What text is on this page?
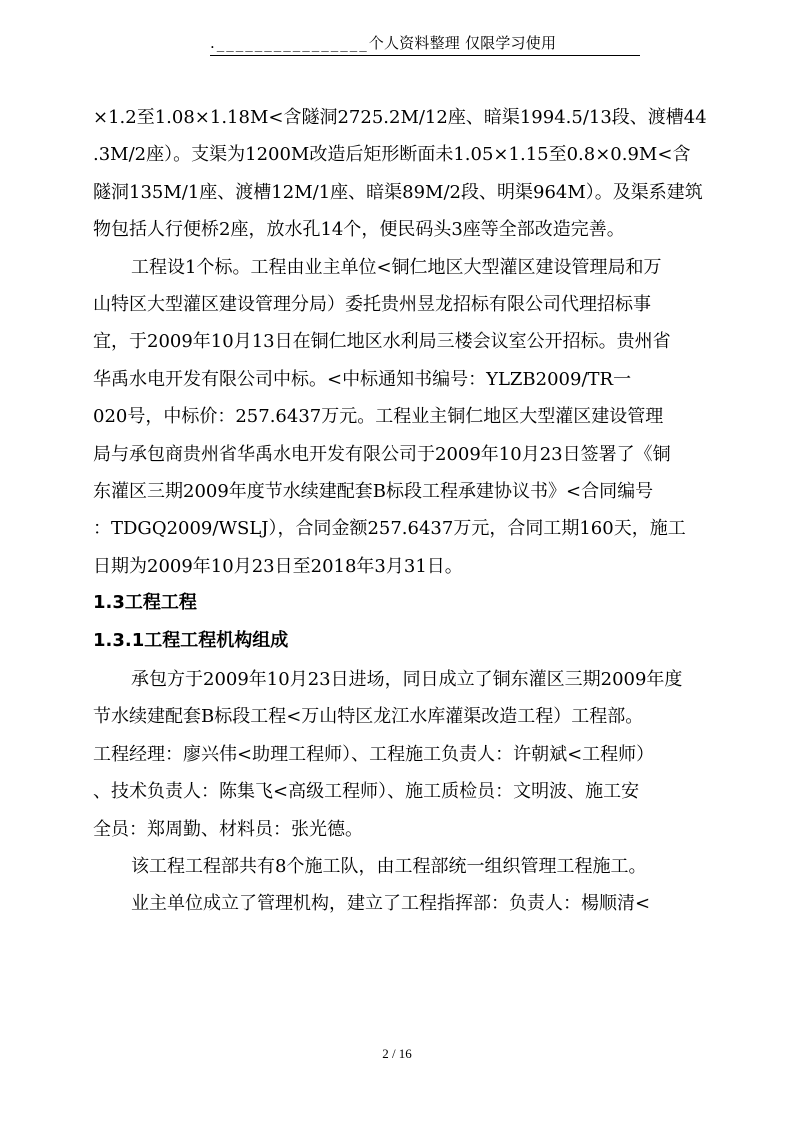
.________________个人资料整理 仅限学习使用
×1.2至1.08×1.18M<含隧洞2725.2M/12座、暗渠1994.5/13段、渡槽44
.3M/2座）。支渠为1200M改造后矩形断面未1.05×1.15至0.8×0.9M<含
隧洞135M/1座、渡槽12M/1座、暗渠89M/2段、明渠964M）。及渠系建筑
物包括人行便桥2座，放水孔14个，便民码头3座等全部改造完善。
工程设1个标。工程由业主单位<铜仁地区大型灌区建设管理局和万
山特区大型灌区建设管理分局）委托贵州昱龙招标有限公司代理招标事
宜，于2009年10月13日在铜仁地区水利局三楼会议室公开招标。贵州省
华禹水电开发有限公司中标。<中标通知书编号：YLZB2009/TR一
020号，中标价：257.6437万元。工程业主铜仁地区大型灌区建设管理
局与承包商贵州省华禹水电开发有限公司于2009年10月23日签署了《铜
东灌区三期2009年度节水续建配套B标段工程承建协议书》<合同编号
：TDGQ2009/WSLJ），合同金额257.6437万元，合同工期160天，施工
日期为2009年10月23日至2018年3月31日。
1.3工程工程
1.3.1工程工程机构组成
承包方于2009年10月23日进场，同日成立了铜东灌区三期2009年度
节水续建配套B标段工程<万山特区龙江水库灌渠改造工程）工程部。
工程经理：廖兴伟<助理工程师）、工程施工负责人：许朝斌<工程师）
、技术负责人：陈集飞<高级工程师）、施工质检员：文明波、施工安
全员：郑周勤、材料员：张光德。
该工程工程部共有8个施工队，由工程部统一组织管理工程施工。
业主单位成立了管理机构，建立了工程指挥部：负责人：楊顺清<
2 / 16
